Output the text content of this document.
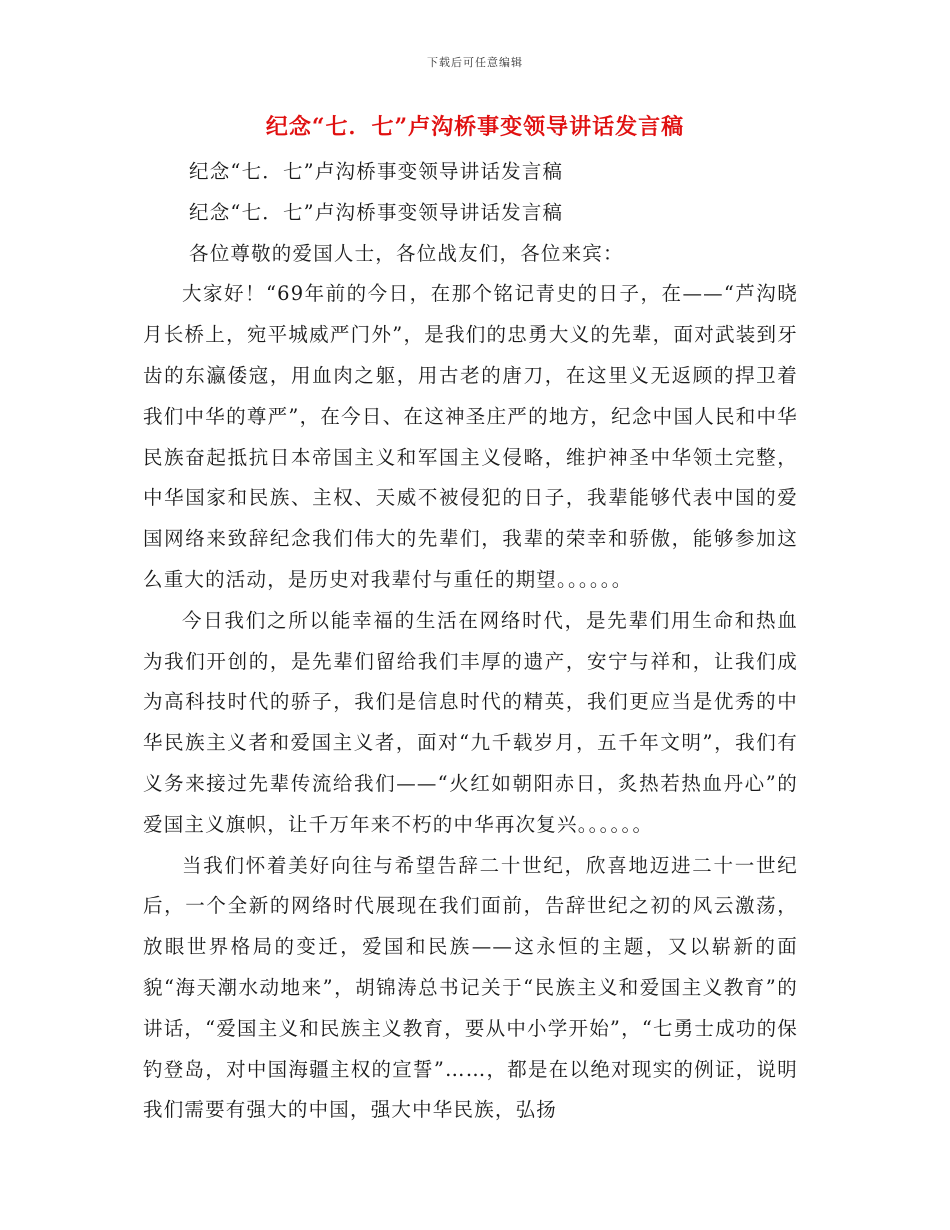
下载后可任意编辑
纪念“七．七”卢沟桥事变领导讲话发言稿

纪念“七．七”卢沟桥事变领导讲话发言稿

纪念“七．七”卢沟桥事变领导讲话发言稿

各位尊敬的爱国人士，各位战友们，各位来宾：

大家好！“69年前的今日，在那个铭记青史的日子，在——“芦沟晓月长桥上，宛平城威严门外”，是我们的忠勇大义的先辈，面对武装到牙齿的东瀛倭寇，用血肉之躯，用古老的唐刀，在这里义无返顾的捍卫着我们中华的尊严”，在今日、在这神圣庄严的地方，纪念中国人民和中华民族奋起抵抗日本帝国主义和军国主义侵略，维护神圣中华领土完整，中华国家和民族、主权、天威不被侵犯的日子，我辈能够代表中国的爱国网络来致辞纪念我们伟大的先辈们，我辈的荣幸和骄傲，能够参加这么重大的活动，是历史对我辈付与重任的期望。。。。。。

今日我们之所以能幸福的生活在网络时代，是先辈们用生命和热血为我们开创的，是先辈们留给我们丰厚的遗产，安宁与祥和，让我们成为高科技时代的骄子，我们是信息时代的精英，我们更应当是优秀的中华民族主义者和爱国主义者，面对“九千载岁月，五千年文明”，我们有义务来接过先辈传流给我们——“火红如朝阳赤日，炙热若热血丹心”的爱国主义旗帜，让千万年来不朽的中华再次复兴。。。。。。

当我们怀着美好向往与希望告辞二十世纪，欣喜地迈进二十一世纪后，一个全新的网络时代展现在我们面前，告辞世纪之初的风云激荡，放眼世界格局的变迁，爱国和民族——这永恒的主题，又以崭新的面貌“海天潮水动地来”，胡锦涛总书记关于“民族主义和爱国主义教育”的讲话，“爱国主义和民族主义教育，要从中小学开始”，“七勇士成功的保钓登岛，对中国海疆主权的宣誓”……，都是在以绝对现实的例证，说明我们需要有强大的中国，强大中华民族，弘扬
